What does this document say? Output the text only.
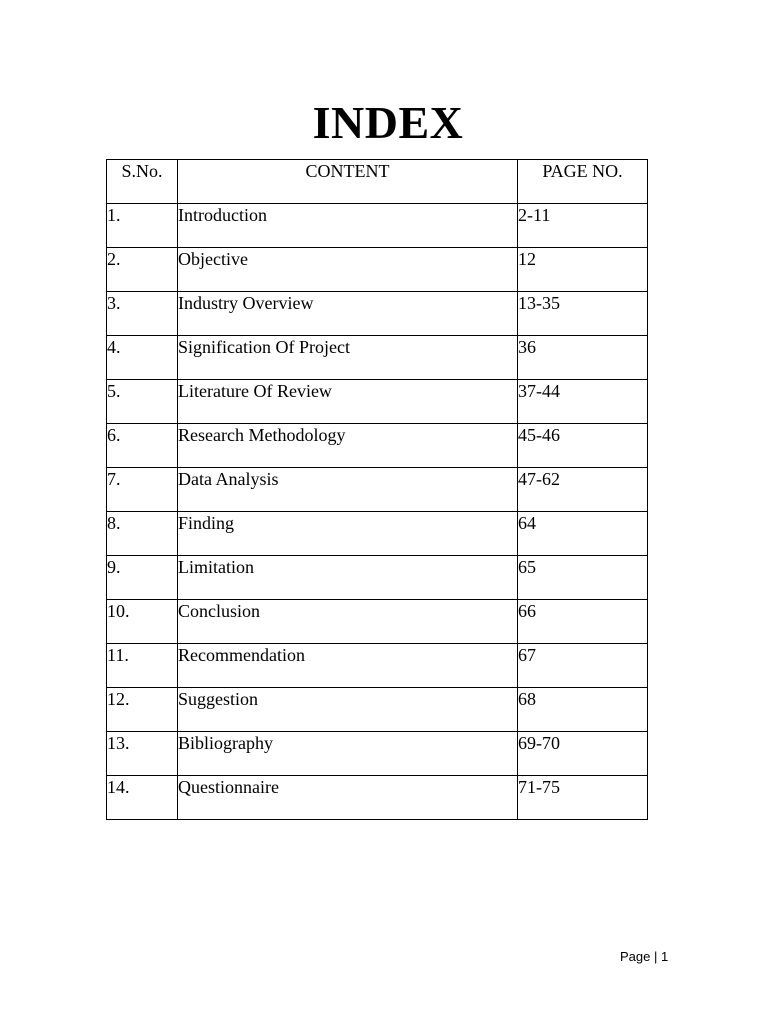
INDEX
S.No.	CONTENT	PAGE NO.
1.	Introduction	2-11
2.	Objective	12
3.	Industry Overview	13-35
4.	Signification Of Project	36
5.	Literature Of Review	37-44
6.	Research Methodology	45-46
7.	Data Analysis	47-62
8.	Finding	64
9.	Limitation	65
10.	Conclusion	66
11.	Recommendation	67
12.	Suggestion	68
13.	Bibliography	69-70
14.	Questionnaire	71-75
Page | 1
